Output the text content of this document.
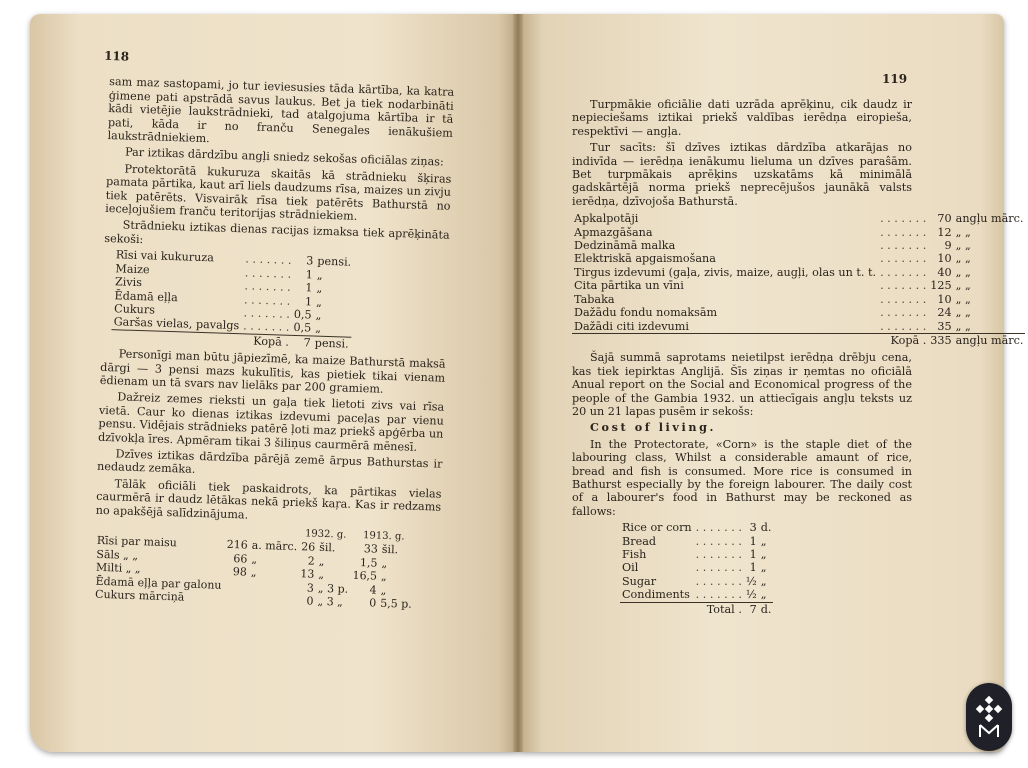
118

sam maz sastopami, jo tur ieviesusies tāda kārtība, ka katra ģimene pati apstrādā savus laukus. Bet ja tiek nodarbināti kādi vietējie laukstrādnieki, tad atalgojuma kārtība ir tā pati, kāda ir no franču Senegales ienākušiem laukstrādniekiem.

Par iztikas dārdzību angļi sniedz sekošas oficiālas ziņas:

Protektorātā kukuruza skaitās kā strādnieku šķiras pamata pārtika, kaut arī liels daudzums rīsa, maizes un zivju tiek patērēts. Visvairāk rīsa tiek patērēts Bathurstā no ieceļojušiem franču teritorijas strādniekiem.

Strādnieku iztikas dienas racijas izmaksa tiek aprēķināta sekoši:

Rīsi vai kukuruza	. . . . . . .	3	pensi.
Maize	. . . . . . .	1	„
Zivis	. . . . . . .	1	„
Ēdamā eļļa	. . . . . . .	1	„
Cukurs	. . . . . . .	0,5	„
Garšas vielas, pavalgs	. . . . . . .	0,5	„
	Kopā .	7	pensi.

Personīgi man būtu jāpiezīmē, ka maize Bathurstā maksā dārgi — 3 pensi mazs kukulītis, kas pietiek tikai vienam ēdienam un tā svars nav lielāks par 200 gramiem.

Dažreiz zemes rieksti un gaļa tiek lietoti zivs vai rīsa vietā. Caur ko dienas iztikas izdevumi paceļas par vienu pensu. Vidējais strādnieks patērē ļoti maz priekš apģērba un dzīvokļa īres. Apmēram tikai 3 šiliņus caurmērā mēnesī.

Dzīves iztikas dārdzība pārējā zemē ārpus Bathurstas ir nedaudz zemāka.

Tālāk oficiāli tiek paskaidrots, ka pārtikas vielas caurmērā ir daudz lētākas nekā priekš kaŗa. Kas ir redzams no apakšējā salīdzinājuma.

			1932. g.		1913. g.	
Rīsi par maisu	216	a. mārc.	26	šil.	33	šil.
Sāls „ „	66	„	2	„	1,5	„
Milti „ „	98	„	13	„	16,5	„
Ēdamā eļļa par galonu			3	„ 3 p.	4	„
Cukurs mārciņā			0	„ 3 „	0	5,5 p.
119

Turpmākie oficiālie dati uzrāda aprēķinu, cik daudz ir nepieciešams iztikai priekš valdības ierēdņa eiropieša, respektīvi — angļa.

Tur sacīts: šī dzīves iztikas dārdzība atkarājas no indivīda — ierēdņa ienākumu lieluma un dzīves paraŝām. Bet turpmākais aprēķins uzskatāms kā minimālā gadskārtējā norma priekš neprecējušos jaunākā valsts ierēdņa, dzīvojoša Bathurstā.

Apkalpotāji	. . . . . . .	70	angļu mārc.
Apmazgāšana	. . . . . . .	12	„ „
Dedzināmā malka	. . . . . . .	9	„ „
Elektriskā apgaismošana	. . . . . . .	10	„ „
Tirgus izdevumi (gaļa, zivis, maize, augļi, olas un t. t.	. . . . . . .	40	„ „
Cita pārtika un vīni	. . . . . . .	125	„ „
Tabaka	. . . . . . .	10	„ „
Dažādu fondu nomaksām	. . . . . . .	24	„ „
Dažādi citi izdevumi	. . . . . . .	35	„ „
	Kopā .	335	angļu mārc.

Šajā summā saprotams neietilpst ierēdņa drēbju cena, kas tiek iepirktas Anglijā. Šīs ziņas ir ņemtas no oficiālā Anual report on the Social and Economical progress of the people of the Gambia 1932. un attiecīgais angļu teksts uz 20 un 21 lapas pusēm ir sekošs:

Cost of living.

In the Protectorate, «Corn» is the staple diet of the labouring class, Whilst a considerable amaunt of rice, bread and fish is consumed. More rice is consumed in Bathurst especially by the foreign labourer. The daily cost of a labourer's food in Bathurst may be reckoned as fallows:

Rice or corn	. . . . . . .	3	d.
Bread	. . . . . . .	1	„
Fish	. . . . . . .	1	„
Oil	. . . . . . .	1	„
Sugar	. . . . . . .	½	„
Condiments	. . . . . . .	½	„
	Total .	7	d.
